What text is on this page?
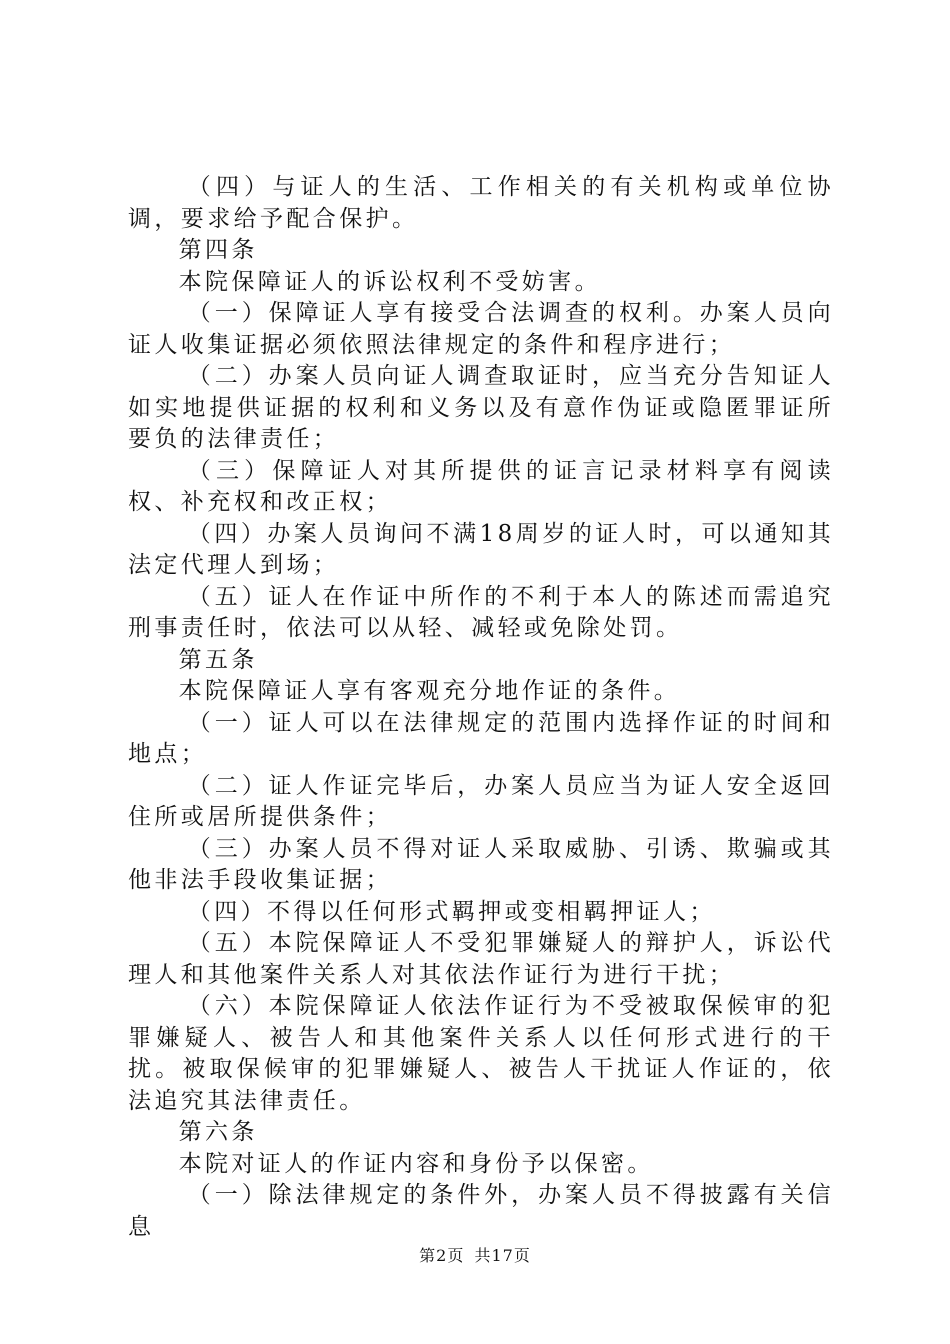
（四）与证人的生活、工作相关的有关机构或单位协调，要求给予配合保护。

第四条

本院保障证人的诉讼权利不受妨害。

（一）保障证人享有接受合法调查的权利。办案人员向证人收集证据必须依照法律规定的条件和程序进行；

（二）办案人员向证人调查取证时，应当充分告知证人如实地提供证据的权利和义务以及有意作伪证或隐匿罪证所要负的法律责任；

（三）保障证人对其所提供的证言记录材料享有阅读权、补充权和改正权；

（四）办案人员询问不满18周岁的证人时，可以通知其法定代理人到场；

（五）证人在作证中所作的不利于本人的陈述而需追究刑事责任时，依法可以从轻、减轻或免除处罚。

第五条

本院保障证人享有客观充分地作证的条件。

（一）证人可以在法律规定的范围内选择作证的时间和地点；

（二）证人作证完毕后，办案人员应当为证人安全返回住所或居所提供条件；

（三）办案人员不得对证人采取威胁、引诱、欺骗或其他非法手段收集证据；

（四）不得以任何形式羁押或变相羁押证人；

（五）本院保障证人不受犯罪嫌疑人的辩护人，诉讼代理人和其他案件关系人对其依法作证行为进行干扰；

（六）本院保障证人依法作证行为不受被取保候审的犯罪嫌疑人、被告人和其他案件关系人以任何形式进行的干扰。被取保候审的犯罪嫌疑人、被告人干扰证人作证的，依法追究其法律责任。

第六条

本院对证人的作证内容和身份予以保密。

（一）除法律规定的条件外，办案人员不得披露有关信息

第2页 共17页
